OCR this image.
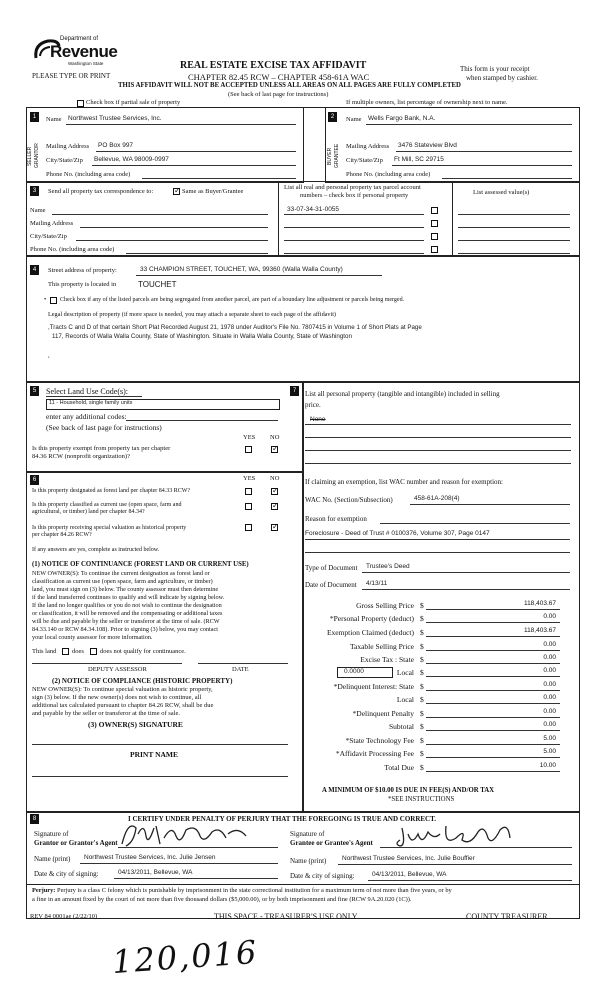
Department of
Revenue
Washington State
PLEASE TYPE OR PRINT
REAL ESTATE EXCISE TAX AFFIDAVIT
CHAPTER 82.45 RCW – CHAPTER 458-61A WAC
THIS AFFIDAVIT WILL NOT BE ACCEPTED UNLESS ALL AREAS ON ALL PAGES ARE FULLY COMPLETED
(See back of last page for instructions)
This form is your receipt
when stamped by cashier.
Check box if partial sale of property	If multiple owners, list percentage of ownership next to name.
1
SELLER GRANTOR
Name Northwest Trustee Services, Inc.
Mailing Address PO Box 997
City/State/Zip Bellevue, WA 98009-0997
Phone No. (including area code)
2
BUYER GRANTEE
Name Wells Fargo Bank, N.A.
Mailing Address 3476 Stateview Blvd
City/State/Zip Ft Mill, SC 29715
Phone No. (including area code)
3	Send all property tax correspondence to:
✓	Same as Buyer/Grantee
Name
Mailing Address
City/State/Zip
Phone No. (including area code)
List all real and personal property tax parcel account
numbers – check box if personal property	List assessed value(s)
33-07-34-31-0055
4	Street address of property:	33 CHAMPION STREET, TOUCHET, WA, 99360 (Walla Walla County)
This property is located in	TOUCHET
• Check box if any of the listed parcels are being segregated from another parcel, are part of a boundary line adjustment or parcels being merged.
Legal description of property (if more space is needed, you may attach a separate sheet to each page of the affidavit)
,Tracts C and D of that certain Short Plat Recorded August 21, 1978 under Auditor's File No. 7807415 in Volume 1 of Short Plats at Page
117, Records of Walla Walla County, State of Washington. Situate in Walla Walla County, State of Washington
,
5	Select Land Use Code(s):
11 - Household, single family units
enter any additional codes:
(See back of last page for instructions)
YES NO
Is this property exempt from property tax per chapter
84.36 RCW (nonprofit organization)?
✓
6	YES NO
Is this property designated as forest land per chapter 84.33 RCW?
✓
Is this property classified as current use (open space, farm and
agricultural, or timber) land per chapter 84.34?
✓
Is this property receiving special valuation as historical property
per chapter 84.26 RCW?
✓
If any answers are yes, complete as instructed below.
(1) NOTICE OF CONTINUANCE (FOREST LAND OR CURRENT USE)
NEW OWNER(S): To continue the current designation as forest land or
classification as current use (open space, farm and agriculture, or timber)
land, you must sign on (3) below. The county assessor must then determine
if the land transferred continues to qualify and will indicate by signing below.
If the land no longer qualifies or you do not wish to continue the designation
or classification, it will be removed and the compensating or additional taxes
will be due and payable by the seller or transferor at the time of sale. (RCW
84.33.140 or RCW 84.34.108). Prior to signing (3) below, you may contact
your local county assessor for more information.
This land does does not qualify for continuance.
DEPUTY ASSESSOR	DATE
(2) NOTICE OF COMPLIANCE (HISTORIC PROPERTY)
NEW OWNER(S): To continue special valuation as historic property,
sign (3) below. If the new owner(s) does not wish to continue, all
additional tax calculated pursuant to chapter 84.26 RCW, shall be due
and payable by the seller or transferor at the time of sale.
(3) OWNER(S) SIGNATURE
PRINT NAME
7	List all personal property (tangible and intangible) included in selling
price.
None
If claiming an exemption, list WAC number and reason for exemption:
WAC No. (Section/Subsection)	458-61A-208(4)
Reason for exemption
Foreclosure - Deed of Trust # 0100376, Volume 307, Page 0147
Type of Document Trustee's Deed
Date of Document 4/13/11
Gross Selling Price $	118,403.67
*Personal Property (deduct) $	0.00
Exemption Claimed (deduct) $	118,403.67
Taxable Selling Price $	0.00
Excise Tax : State $	0.00
Local $	0.00
*Delinquent Interest: State $	0.00
Local $	0.00
*Delinquent Penalty $	0.00
Subtotal $	0.00
*State Technology Fee $	5.00
*Affidavit Processing Fee $	5.00
Total Due $	10.00
0.0000
A MINIMUM OF $10.00 IS DUE IN FEE(S) AND/OR TAX
*SEE INSTRUCTIONS
8	I CERTIFY UNDER PENALTY OF PERJURY THAT THE FOREGOING IS TRUE AND CORRECT.
Signature of
Grantor or Grantor's Agent
Signature of
Grantee or Grantee's Agent
Name (print) Northwest Trustee Services, Inc. Julie Jensen	Name (print) Northwest Trustee Services, Inc. Julie Bouffier
Date & city of signing:	04/13/2011, Bellevue, WA	Date & city of signing:	04/13/2011, Bellevue, WA
Perjury: Perjury is a class C felony which is punishable by imprisonment in the state correctional institution for a maximum term of not more than five years, or by
a fine in an amount fixed by the court of not more than five thousand dollars ($5,000.00), or by both imprisonment and fine (RCW 9A.20.020 (1C)).
REV 84 0001ae (2/22/10)	THIS SPACE - TREASURER'S USE ONLY	COUNTY TREASURER
120,016
